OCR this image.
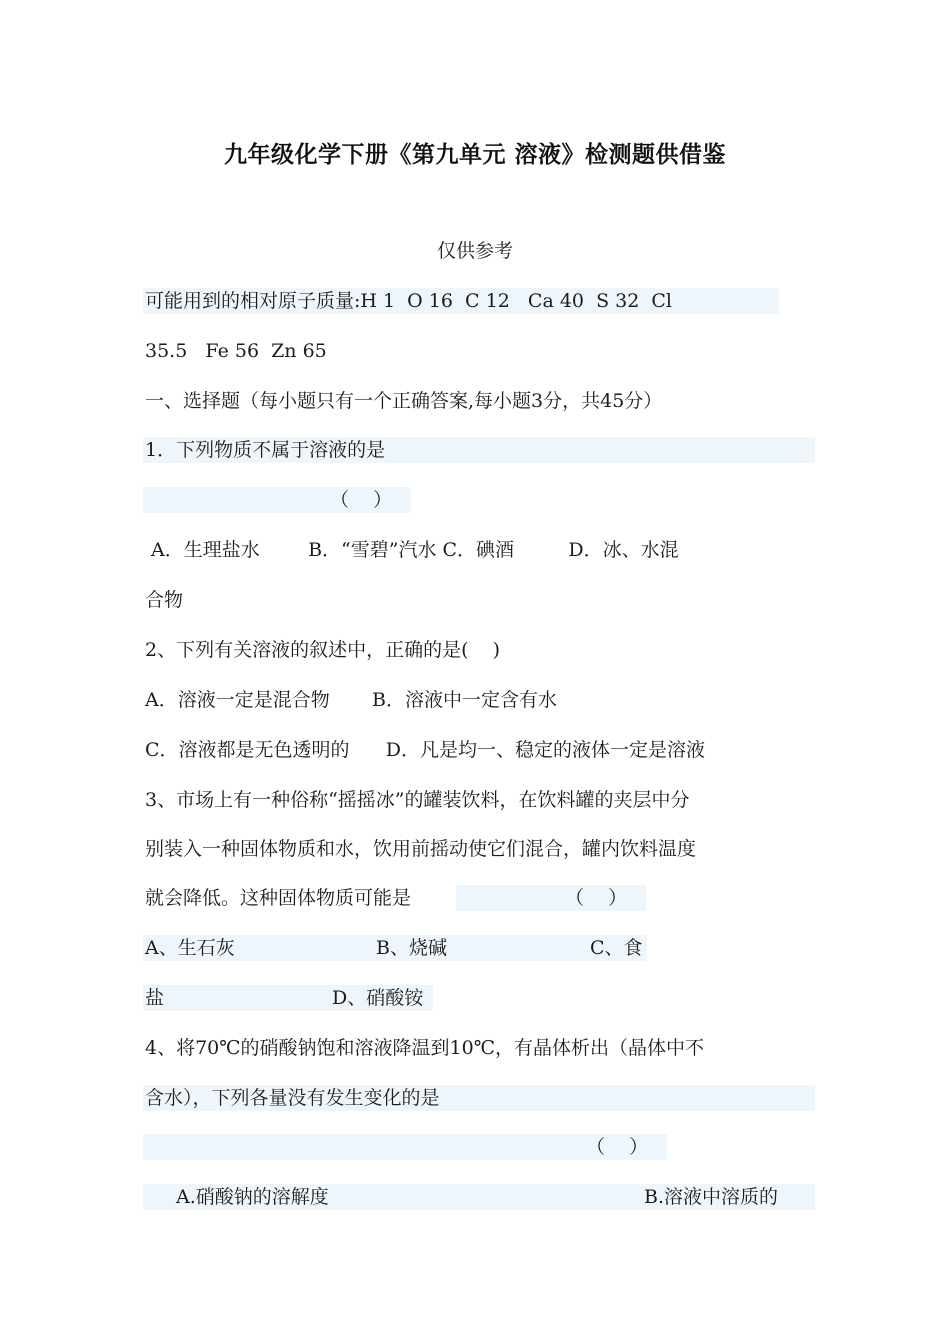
九年级化学下册《第九单元 溶液》检测题供借鉴
仅供参考
可能用到的相对原子质量:H 1  O 16  C 12   Ca 40  S 32  Cl
35.5   Fe 56  Zn 65
一、选择题（每小题只有一个正确答案,每小题3分，共45分）
1．下列物质不属于溶液的是
（    ）
A．生理盐水        B．“雪碧”汽水 C．碘酒         D．冰、水混
合物
2、下列有关溶液的叙述中，正确的是(    )
A．溶液一定是混合物       B．溶液中一定含有水
C．溶液都是无色透明的      D．凡是均一、稳定的液体一定是溶液
3、市场上有一种俗称“摇摇冰”的罐装饮料，在饮料罐的夹层中分
别装入一种固体物质和水，饮用前摇动使它们混合，罐内饮料温度
就会降低。这种固体物质可能是	（    ）
A、生石灰	B、烧碱	C、食
盐	D、硝酸铵
4、将70℃的硝酸钠饱和溶液降温到10℃，有晶体析出（晶体中不
含水），下列各量没有发生变化的是
（    ）
A.硝酸钠的溶解度	B.溶液中溶质的
